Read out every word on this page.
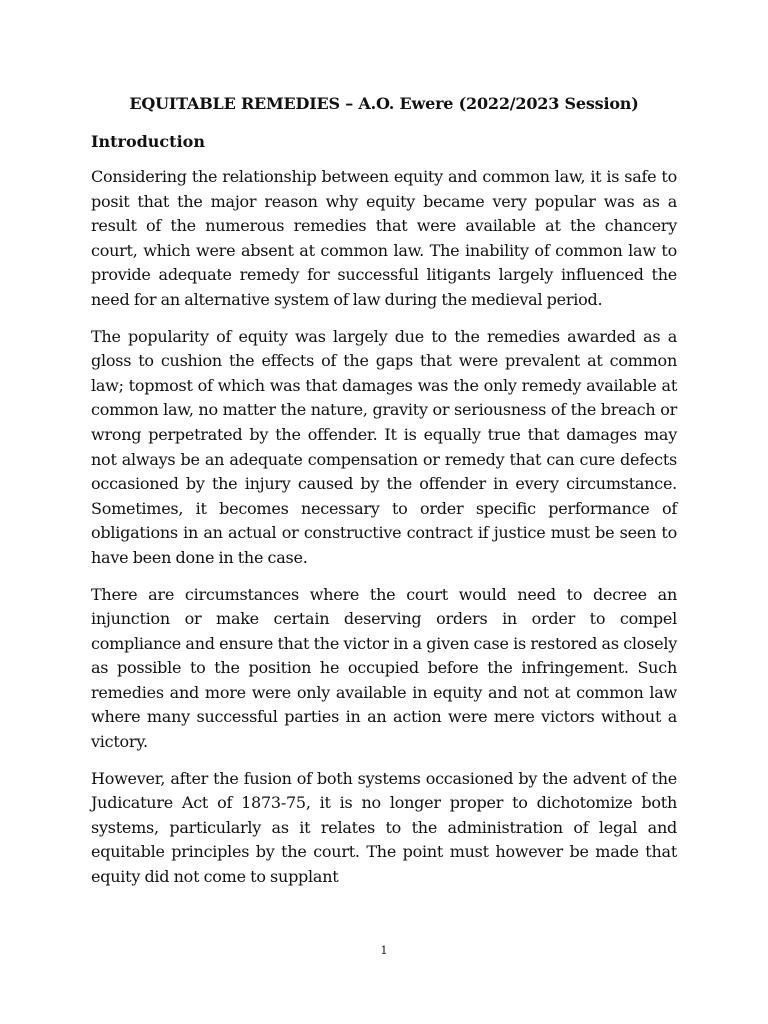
EQUITABLE REMEDIES – A.O. Ewere (2022/2023 Session)
Introduction

Considering the relationship between equity and common law, it is safe to posit that the major reason why equity became very popular was as a result of the numerous remedies that were available at the chancery court, which were absent at common law. The inability of common law to provide adequate remedy for successful litigants largely influenced the need for an alternative system of law during the medieval period.

The popularity of equity was largely due to the remedies awarded as a gloss to cushion the effects of the gaps that were prevalent at common law; topmost of which was that damages was the only remedy available at common law, no matter the nature, gravity or seriousness of the breach or wrong perpetrated by the offender. It is equally true that damages may not always be an adequate compensation or remedy that can cure defects occasioned by the injury caused by the offender in every circumstance. Sometimes, it becomes necessary to order specific performance of obligations in an actual or constructive contract if justice must be seen to have been done in the case.

There are circumstances where the court would need to decree an injunction or make certain deserving orders in order to compel compliance and ensure that the victor in a given case is restored as closely as possible to the position he occupied before the infringement. Such remedies and more were only available in equity and not at common law where many successful parties in an action were mere victors without a victory.

However, after the fusion of both systems occasioned by the advent of the Judicature Act of 1873-75, it is no longer proper to dichotomize both systems, particularly as it relates to the administration of legal and equitable principles by the court. The point must however be made that equity did not come to supplant

1
